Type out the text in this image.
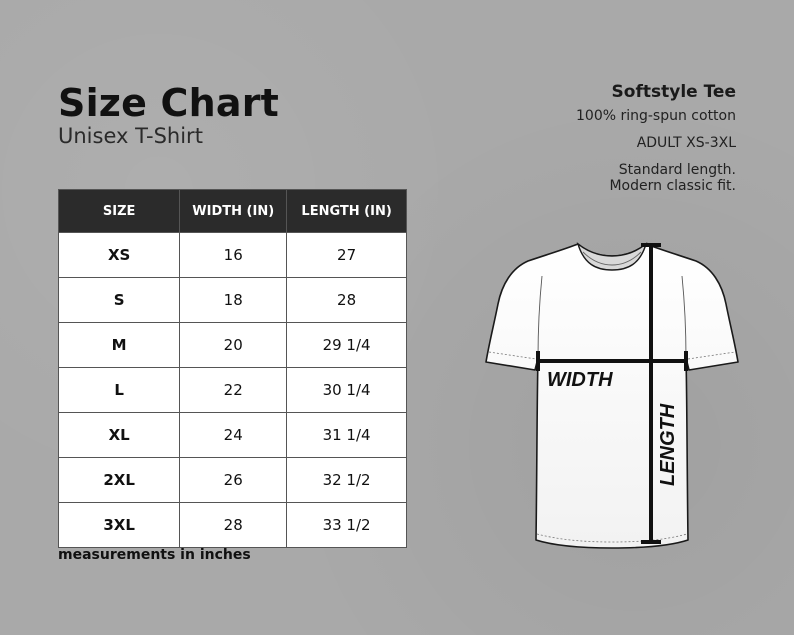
Size Chart
Unisex T-Shirt
Softstyle Tee
100% ring-spun cotton
ADULT XS-3XL
Standard length.
Modern classic fit.
SIZE	WIDTH (IN)	LENGTH (IN)
XS	16	27
S	18	28
M	20	29 1/4
L	22	30 1/4
XL	24	31 1/4
2XL	26	32 1/2
3XL	28	33 1/2
measurements in inches
WIDTH
LENGTH
